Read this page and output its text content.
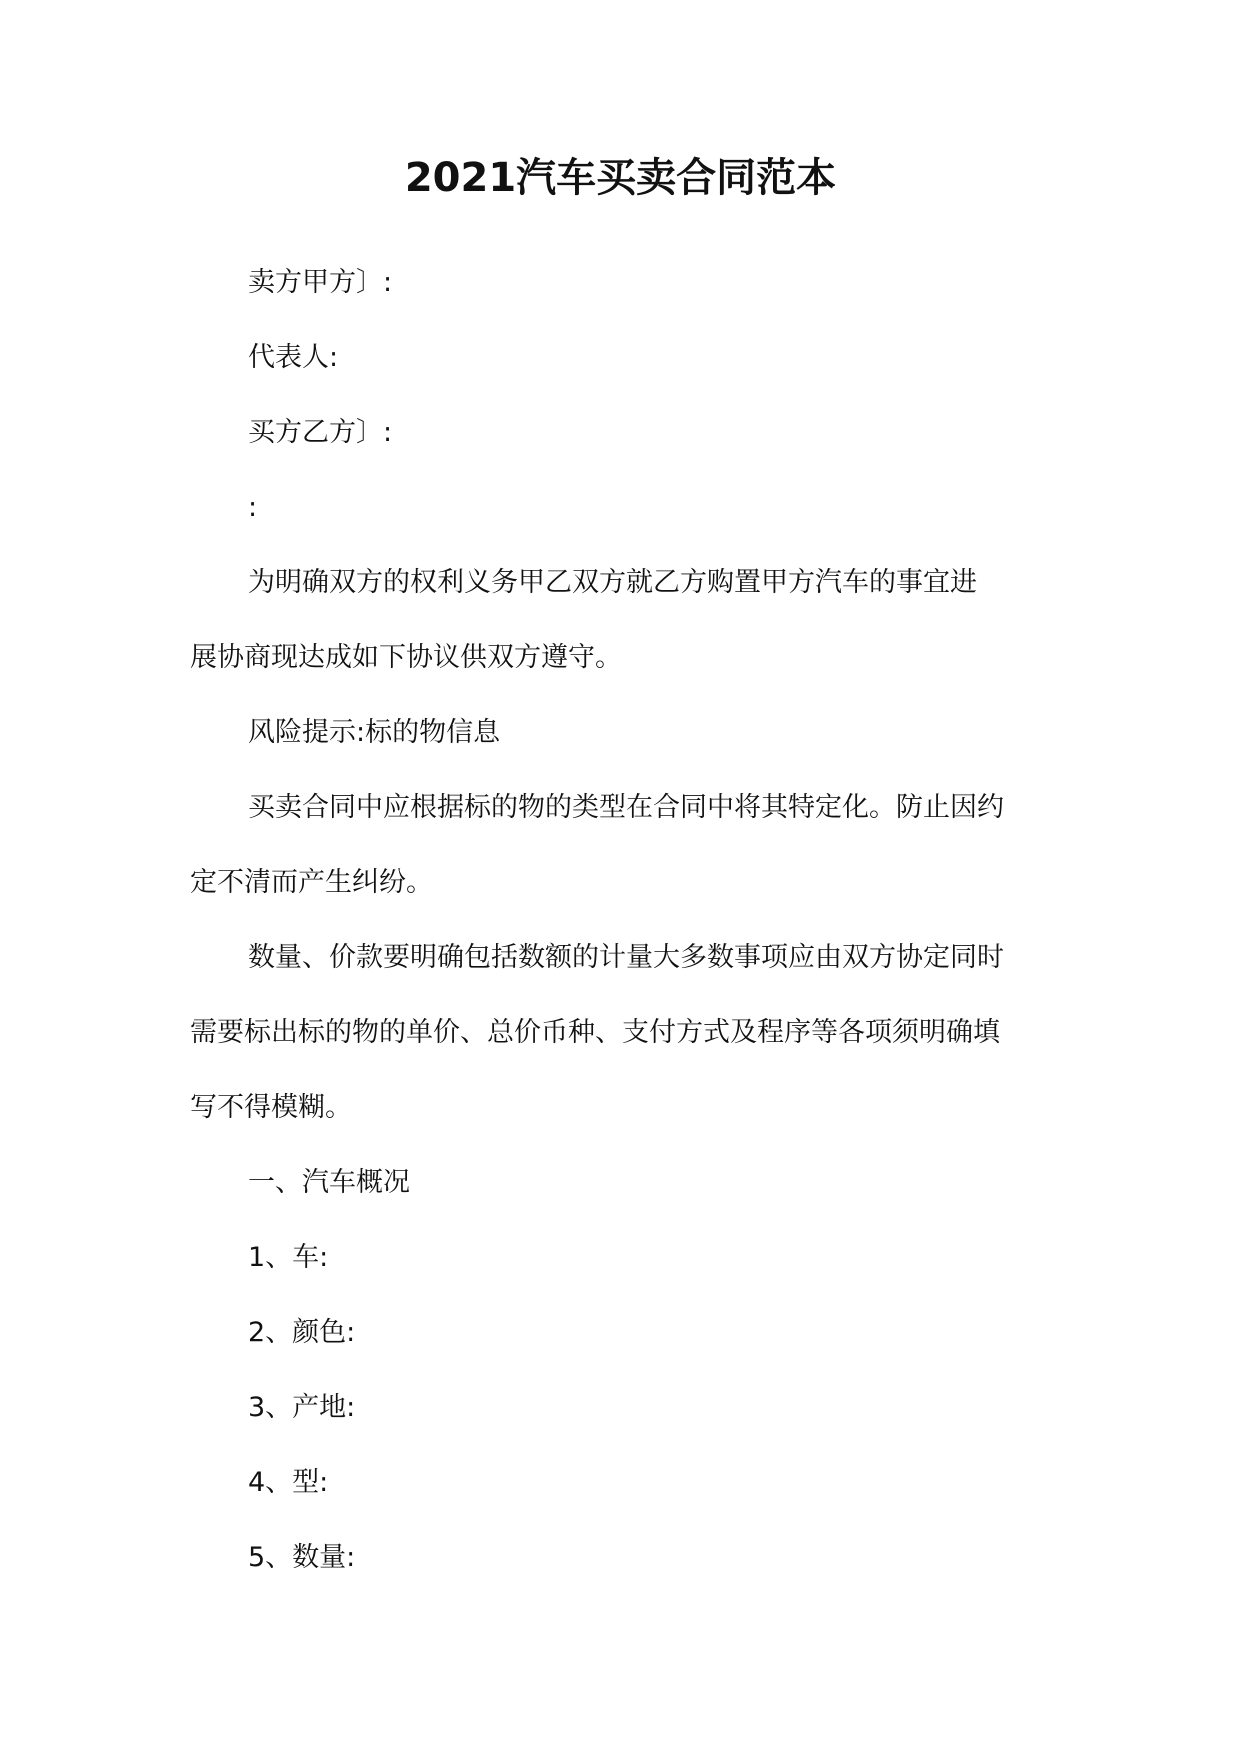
2021汽车买卖合同范本

卖方甲方〕:

代表人:

买方乙方〕:

:

为明确双方的权利义务甲乙双方就乙方购置甲方汽车的事宜进

展协商现达成如下协议供双方遵守。

风险提示:标的物信息

买卖合同中应根据标的物的类型在合同中将其特定化。防止因约

定不清而产生纠纷。

数量、价款要明确包括数额的计量大多数事项应由双方协定同时

需要标出标的物的单价、总价币种、支付方式及程序等各项须明确填

写不得模糊。

一、汽车概况

1、车:

2、颜色:

3、产地:

4、型:

5、数量:
